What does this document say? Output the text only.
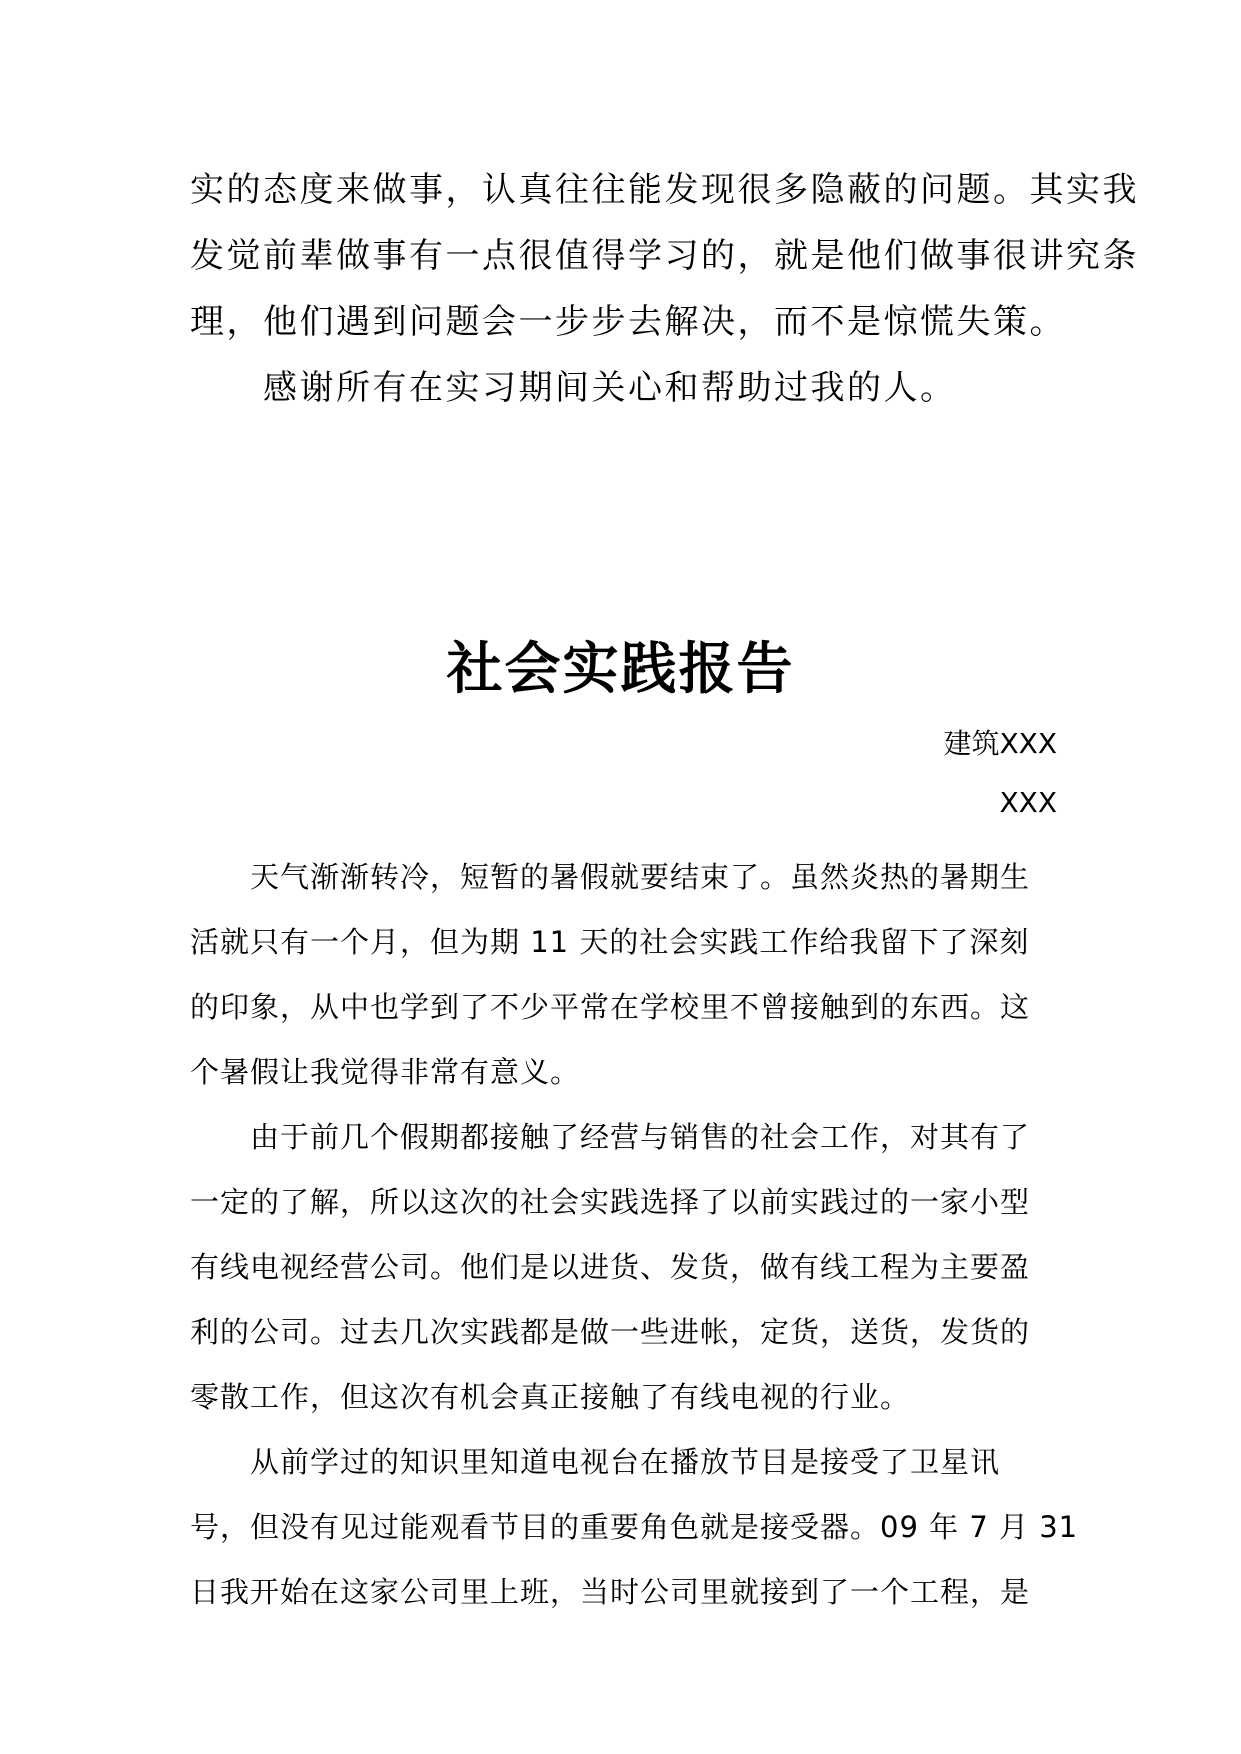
实的态度来做事，认真往往能发现很多隐蔽的问题。其实我

发觉前辈做事有一点很值得学习的，就是他们做事很讲究条

理，他们遇到问题会一步步去解决，而不是惊慌失策。

　　感谢所有在实习期间关心和帮助过我的人。

社会实践报告

建筑XXX

XXX

　　天气渐渐转冷，短暂的暑假就要结束了。虽然炎热的暑期生

活就只有一个月，但为期 11 天的社会实践工作给我留下了深刻

的印象，从中也学到了不少平常在学校里不曾接触到的东西。这

个暑假让我觉得非常有意义。

　　由于前几个假期都接触了经营与销售的社会工作，对其有了

一定的了解，所以这次的社会实践选择了以前实践过的一家小型

有线电视经营公司。他们是以进货、发货，做有线工程为主要盈

利的公司。过去几次实践都是做一些进帐，定货，送货，发货的

零散工作，但这次有机会真正接触了有线电视的行业。

　　从前学过的知识里知道电视台在播放节目是接受了卫星讯

号，但没有见过能观看节目的重要角色就是接受器。09 年 7 月 31

日我开始在这家公司里上班，当时公司里就接到了一个工程，是
